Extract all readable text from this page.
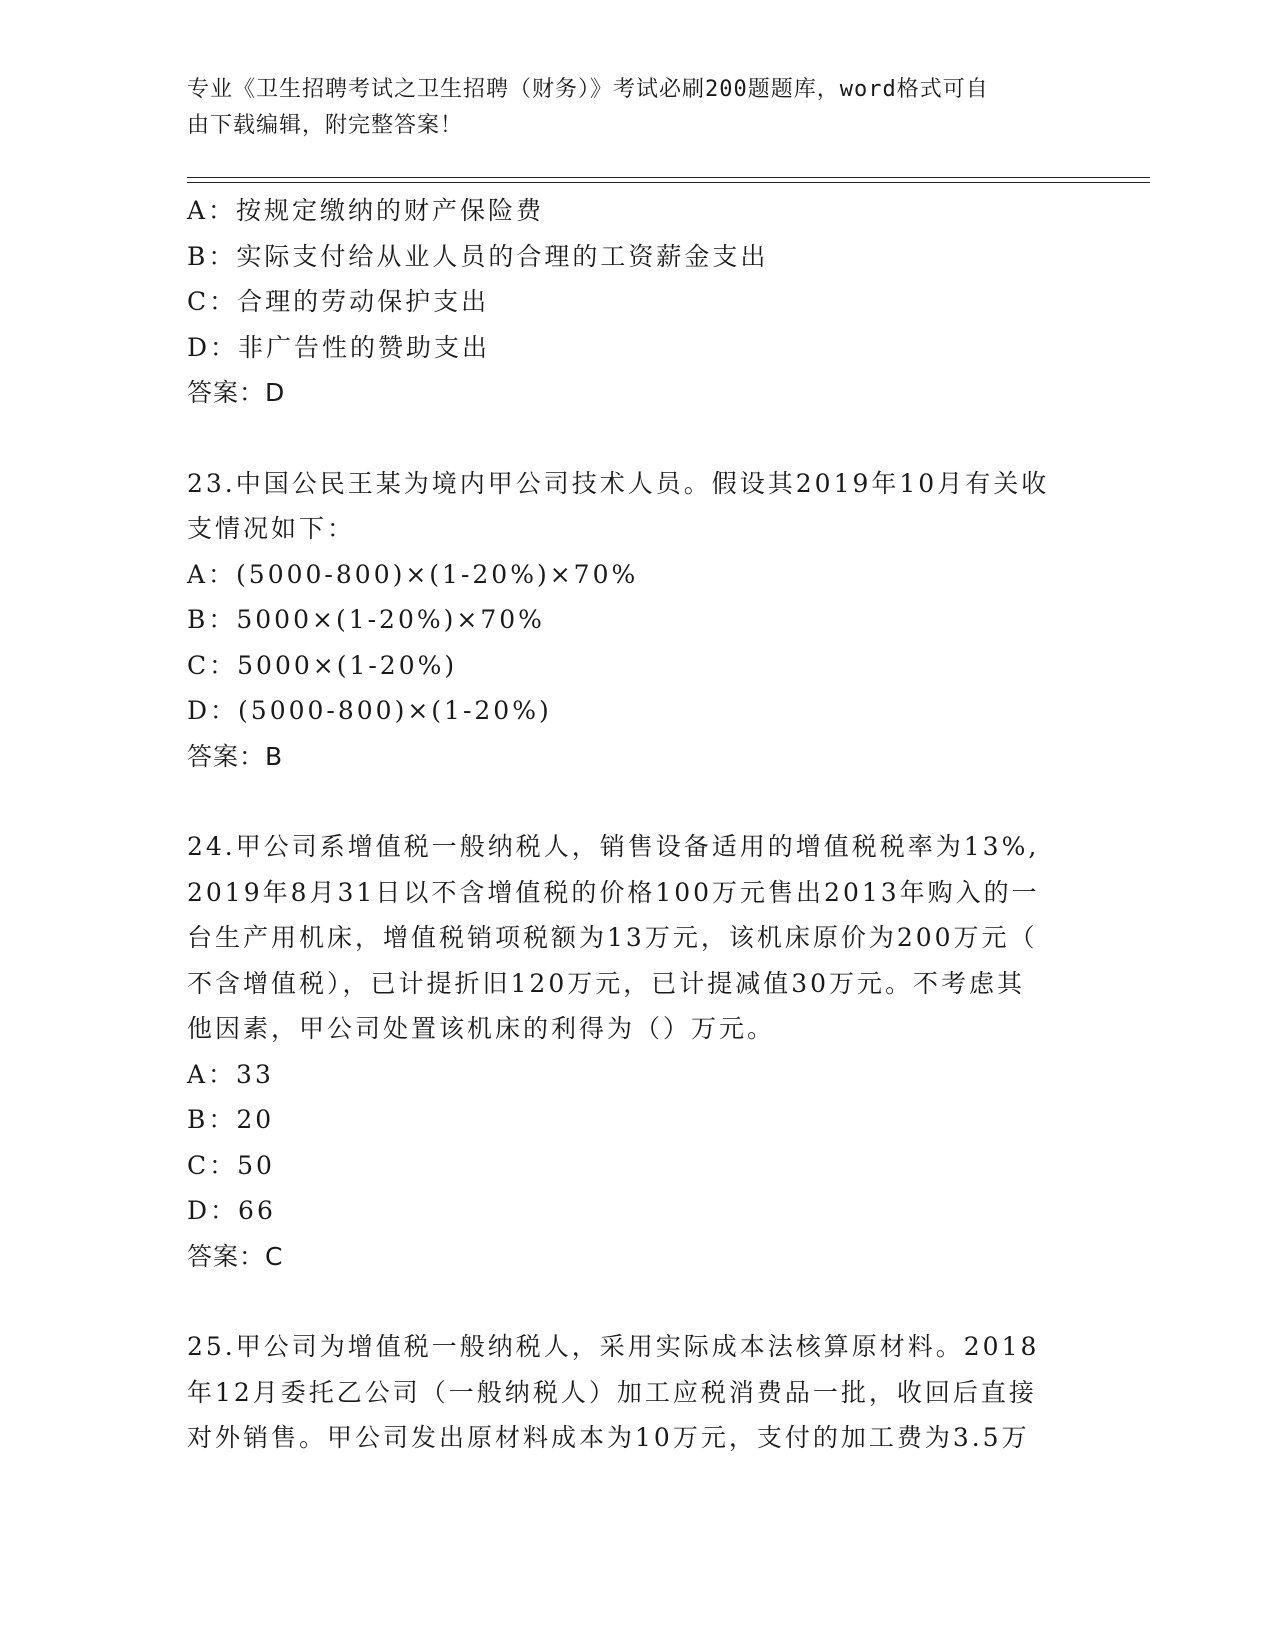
专业《卫生招聘考试之卫生招聘（财务）》考试必刷200题题库，word格式可自
由下载编辑，附完整答案！
A：按规定缴纳的财产保险费
B：实际支付给从业人员的合理的工资薪金支出
C：合理的劳动保护支出
D：非广告性的赞助支出
答案：D
23.中国公民王某为境内甲公司技术人员。假设其2019年10月有关收
支情况如下：
A：(5000-800)×(1-20%)×70%
B：5000×(1-20%)×70%
C：5000×(1-20%)
D：(5000-800)×(1-20%)
答案：B
24.甲公司系增值税一般纳税人，销售设备适用的增值税税率为13%,
2019年8月31日以不含增值税的价格100万元售出2013年购入的一
台生产用机床，增值税销项税额为13万元，该机床原价为200万元（
不含增值税），已计提折旧120万元，已计提减值30万元。不考虑其
他因素，甲公司处置该机床的利得为（）万元。
A：33
B：20
C：50
D：66
答案：C
25.甲公司为增值税一般纳税人，采用实际成本法核算原材料。2018
年12月委托乙公司（一般纳税人）加工应税消费品一批，收回后直接
对外销售。甲公司发出原材料成本为10万元，支付的加工费为3.5万
